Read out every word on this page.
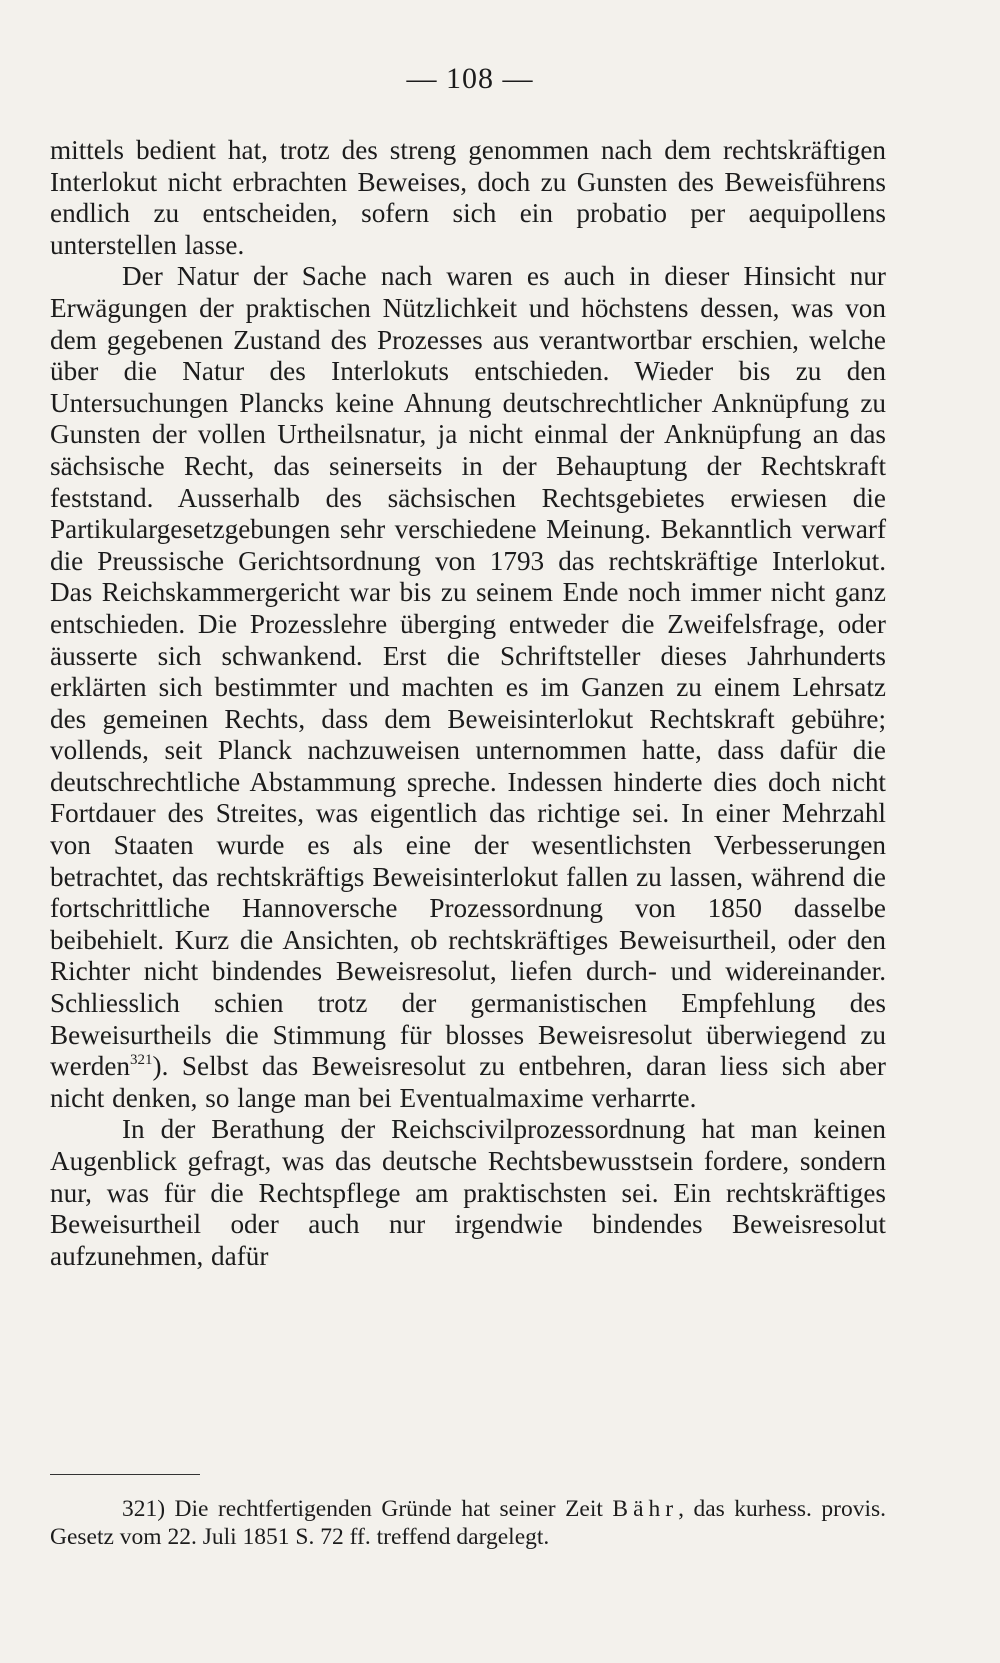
— 108 —

mittels bedient hat, trotz des streng genommen nach dem rechtskräftigen Interlokut nicht erbrachten Beweises, doch zu Gunsten des Beweisführens endlich zu entscheiden, sofern sich ein probatio per aequipollens unterstellen lasse.

Der Natur der Sache nach waren es auch in dieser Hinsicht nur Erwägungen der praktischen Nützlichkeit und höchstens dessen, was von dem gegebenen Zustand des Prozesses aus verantwortbar erschien, welche über die Natur des Interlokuts entschieden. Wieder bis zu den Untersuchungen Plancks keine Ahnung deutschrechtlicher Anknüpfung zu Gunsten der vollen Urtheilsnatur, ja nicht einmal der Anknüpfung an das sächsische Recht, das seinerseits in der Behauptung der Rechtskraft feststand. Ausserhalb des sächsischen Rechtsgebietes erwiesen die Partikulargesetzgebungen sehr verschiedene Meinung. Bekanntlich verwarf die Preussische Gerichtsordnung von 1793 das rechtskräftige Interlokut. Das Reichskammergericht war bis zu seinem Ende noch immer nicht ganz entschieden. Die Prozesslehre überging entweder die Zweifelsfrage, oder äusserte sich schwankend. Erst die Schriftsteller dieses Jahrhunderts erklärten sich bestimmter und machten es im Ganzen zu einem Lehrsatz des gemeinen Rechts, dass dem Beweisinterlokut Rechtskraft gebühre; vollends, seit Planck nachzuweisen unternommen hatte, dass dafür die deutschrechtliche Abstammung spreche. Indessen hinderte dies doch nicht Fortdauer des Streites, was eigentlich das richtige sei. In einer Mehrzahl von Staaten wurde es als eine der wesentlichsten Verbesserungen betrachtet, das rechtskräftigs Beweisinterlokut fallen zu lassen, während die fortschrittliche Hannoversche Prozessordnung von 1850 dasselbe beibehielt. Kurz die Ansichten, ob rechtskräftiges Beweisurtheil, oder den Richter nicht bindendes Beweisresolut, liefen durch- und widereinander. Schliesslich schien trotz der germanistischen Empfehlung des Beweisurtheils die Stimmung für blosses Beweisresolut überwiegend zu werden$^{321}$). Selbst das Beweisresolut zu entbehren, daran liess sich aber nicht denken, so lange man bei Eventualmaxime verharrte.

In der Berathung der Reichscivilprozessordnung hat man keinen Augenblick gefragt, was das deutsche Rechtsbewusstsein fordere, sondern nur, was für die Rechtspflege am praktischsten sei. Ein rechtskräftiges Beweisurtheil oder auch nur irgendwie bindendes Beweisresolut aufzunehmen, dafür

321) Die rechtfertigenden Gründe hat seiner Zeit Bähr, das kurhess. provis. Gesetz vom 22. Juli 1851 S. 72 ff. treffend dargelegt.
